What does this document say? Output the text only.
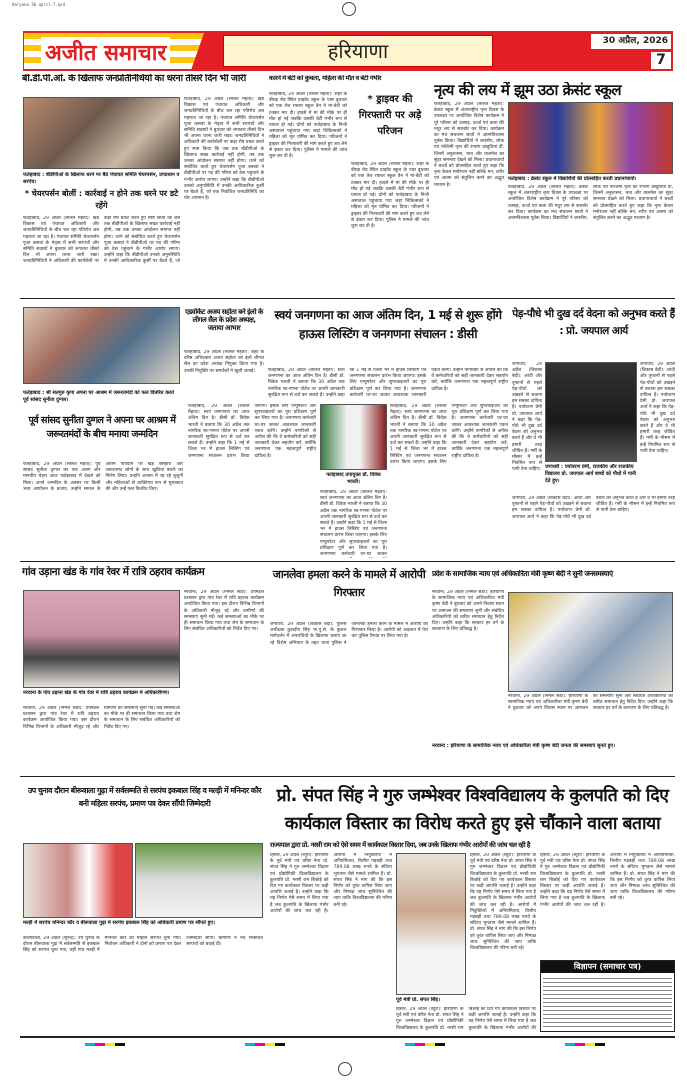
Haryana 30 april-7.qxd
अजीत समाचार	हरियाणा	30 अप्रैल, 2026
7
बी.डी.पी.ओ. के खिलाफ जनप्रतिनिधियों का धरना तीसरे दिन भी जारी
फतेहाबाद : बीडीपीओ के खिलाफ धरने पर बैठे पंचायत समिति चेयरपर्सन, उपप्रधान व सरपंच।
फतेहाबाद, 29 अप्रैल (ललित मैहता): खंड विकास एवं पंचायत अधिकारी और जनप्रतिनिधियों के बीच चल रहा गतिरोध अब गहराता जा रहा है। पंचायत समिति चेयरपर्सन पूजा कसवां के नेतृत्व में सभी सरपंचों और समिति सदस्यों ने बुधवार को लगातार तीसरे दिन भी अपना धरना जारी रखा। जनप्रतिनिधियों ने अधिकारी की कार्यशैली पर कड़ा रोष प्रकट करते हुए स्पष्ट किया कि जब तक बीडीपीओ के खिलाफ सख्त कार्रवाई नहीं होगी, तब तक उनका आंदोलन समाप्त नहीं होगा। धरने को संबोधित करते हुए चेयरपर्सन पूजा कसवां ने बीडीपीओ पर पद की गरिमा को ठेस पहुंचाने के गंभीर आरोप लगाए। उन्होंने कहा कि बीडीपीओ उनको अनुपस्थिति में उनकी आधिकारिक कुर्सी पर बैठते हैं, जो एक निर्वाचित जनप्रतिनिधि का घोर अपमान है।
* चेयरपर्सन बोलीं : कार्रवाई न होने तक धरने पर डटे रहेंगे
फतेहाबाद, 29 अप्रैल (ललित मैहता): खंड विकास एवं पंचायत अधिकारी और जनप्रतिनिधियों के बीच चल रहा गतिरोध अब गहराता जा रहा है। पंचायत समिति चेयरपर्सन पूजा कसवां के नेतृत्व में सभी सरपंचों और समिति सदस्यों ने बुधवार को लगातार तीसरे दिन भी अपना धरना जारी रखा। जनप्रतिनिधियों ने अधिकारी की कार्यशैली पर कड़ा रोष प्रकट करते हुए स्पष्ट किया कि जब तक बीडीपीओ के खिलाफ सख्त कार्रवाई नहीं होगी, तब तक उनका आंदोलन समाप्त नहीं होगा। धरने को संबोधित करते हुए चेयरपर्सन पूजा कसवां ने बीडीपीओ पर पद की गरिमा को ठेस पहुंचाने के गंभीर आरोप लगाए। उन्होंने कहा कि बीडीपीओ उनको अनुपस्थिति में उनकी आधिकारिक कुर्सी पर बैठते हैं, जो
कारने में बेटी को कुचला, महिला की मौत व बेटी गंभीर
फतेहाबाद, 29 अप्रैल (ललित मैहता): शहर के बीघड़ रोड स्थित प्राइवेट स्कूल के पास बुधवार को एक तेज रफ्तार स्कूल वैन ने मां-बेटी को टक्कर मार दी। हादसे में मां की मौके पर ही मौत हो गई जबकि उसकी बेटी गंभीर रूप से घायल हो गई। दोनों को फतेहाबाद के निजी अस्पताल पहुंचाया गया जहां चिकित्सकों ने महिला को मृत घोषित कर दिया। परिजनों ने ड्राइवर की गिरफ्तारी की मांग करते हुए शव लेने से इंकार कर दिया। पुलिस ने मामले की जांच शुरू कर दी है।
* ड्राइवर की गिरफ्तारी पर अड़े परिजन
फतेहाबाद, 29 अप्रैल (ललित मैहता): शहर के बीघड़ रोड स्थित प्राइवेट स्कूल के पास बुधवार को एक तेज रफ्तार स्कूल वैन ने मां-बेटी को टक्कर मार दी। हादसे में मां की मौके पर ही मौत हो गई जबकि उसकी बेटी गंभीर रूप से घायल हो गई। दोनों को फतेहाबाद के निजी अस्पताल पहुंचाया गया जहां चिकित्सकों ने महिला को मृत घोषित कर दिया। परिजनों ने ड्राइवर की गिरफ्तारी की मांग करते हुए शव लेने से इंकार कर दिया। पुलिस ने मामले की जांच शुरू कर दी है।
नृत्य की लय में झूम उठा क्रेसंट स्कूल
फतेहाबाद : क्रेसंट स्कूल में विद्यार्थियों की प्रोत्साहित करती प्रधानाचार्या।
फतेहाबाद, 29 अप्रैल (ललित मैहता): क्रेसंट स्कूल में अंतरराष्ट्रीय नृत्य दिवस के उपलक्ष्य पर आयोजित विशेष कार्यक्रम ने पूरे परिसर को उत्साह, ऊर्जा एवं कला की मधुर लय से सराबोर कर दिया। कार्यक्रम का मंच संचालन छात्रों ने आत्मविश्वास पूर्वक किया। विद्यार्थियों ने शास्त्रीय, लोक एवं पश्चिमी नृत्य की रंगारंग प्रस्तुतियां दीं, जिनमें अनुशासन, भाव और तालमेल का सुंदर समन्वय देखने को मिला। प्रधानाचार्या ने बच्चों को प्रोत्साहित करते हुए कहा कि नृत्य केवल मनोरंजन नहीं बल्कि मन, शरीर एवं आत्मा को संतुलित करने का अद्भुत माध्यम है।	फतेहाबाद, 29 अप्रैल (ललित मैहता): क्रेसंट स्कूल में अंतरराष्ट्रीय नृत्य दिवस के उपलक्ष्य पर आयोजित विशेष कार्यक्रम ने पूरे परिसर को उत्साह, ऊर्जा एवं कला की मधुर लय से सराबोर कर दिया। कार्यक्रम का मंच संचालन छात्रों ने आत्मविश्वास पूर्वक किया। विद्यार्थियों ने शास्त्रीय, लोक एवं पश्चिमी नृत्य की रंगारंग प्रस्तुतियां दीं, जिनमें अनुशासन, भाव और तालमेल का सुंदर समन्वय देखने को मिला। प्रधानाचार्या ने बच्चों को प्रोत्साहित करते हुए कहा कि नृत्य केवल मनोरंजन नहीं बल्कि मन, शरीर एवं आत्मा को संतुलित करने का अद्भुत माध्यम है।
एडवोकेट अजय सहोता बने इंलो के लीगल सैल के प्रदेश अध्यक्ष, जताया आभार
फतेहाबाद, 29 अप्रैल (ललित मैहता): शहर के वरिष्ठ अधिवक्ता अजय सहोता को इंलो लीगल सैल का प्रदेश अध्यक्ष नियुक्त किया गया है। उनकी नियुक्ति पर समर्थकों ने खुशी जताई।
फतेहाबाद : श्री सतगुरु कृपा अपना घर आश्रम में जरूरतमंदों को फल वितरित करते पूर्व सांसद सुनीता दुग्गल।
पूर्व सांसद सुनीता दुग्गल ने अपना घर आश्रम में जरूरतमंदों के बीच मनाया जन्मदिन
फतेहाबाद, 29 अप्रैल (ललित मैहता): पूर्व सांसद सुनीता दुग्गल का एक अलग और मानवीय चेहरा आज फतेहाबाद में देखने को मिला। अपने जन्मदिन के अवसर पर किसी भव्य आयोजन के बजाय, उन्होंने समाज के अंतिम पायदान पर खड़े बेसहारा और जरूरतमंद लोगों के साथ खुशियां बांटने का निर्णय लिया। उन्होंने आश्रम में रह रहे बुजुर्गों और महिलाओं से व्यक्तिगत रूप से मुलाकात की और उन्हें फल वितरित किए।
स्वयं जनगणना का आज अंतिम दिन, 1 मई से शुरू होंगे हाऊस लिस्टिंग व जनगणना संचालन : डीसी
फतेहाबाद, 29 अप्रैल (ललित मैहता): स्वयं जनगणना का आज अंतिम दिन है। डीसी डॉ. विवेक भारती ने बताया कि 30 अप्रैल तक नागरिक स्व-गणना पोर्टल पर अपनी जानकारी सुरक्षित रूप से दर्ज कर सकते हैं। उन्होंने कहा कि 1 मई से जिला भर में हाउस लिस्टिंग एवं जनगणना संचालन प्रारंभ किया जाएगा। इसके लिए एन्यूमरेटर और सुपरवाइजरों का पूरा प्रशिक्षण पूर्ण कर लिया गया है। जनगणना कर्मचारी घर-घर जाकर आवश्यक जानकारी एकत्र करेंगे। उन्होंने नागरिकों से अपील की कि वे कर्मचारियों को सही जानकारी देकर सहयोग करें, क्योंकि जनगणना एक महत्वपूर्ण राष्ट्रीय दायित्व है।
फतेहाबाद, 29 अप्रैल (ललित मैहता): स्वयं जनगणना का आज अंतिम दिन है। डीसी डॉ. विवेक भारती ने बताया कि 30 अप्रैल तक नागरिक स्व-गणना पोर्टल पर अपनी जानकारी सुरक्षित रूप से दर्ज कर सकते हैं। उन्होंने कहा कि 1 मई से जिला भर में हाउस लिस्टिंग एवं जनगणना संचालन प्रारंभ किया जाएगा। इसके लिए एन्यूमरेटर और सुपरवाइजरों का पूरा प्रशिक्षण पूर्ण कर लिया गया है। जनगणना कर्मचारी घर-घर जाकर आवश्यक जानकारी एकत्र करेंगे। उन्होंने नागरिकों से अपील की कि वे कर्मचारियों को सही जानकारी देकर सहयोग करें, क्योंकि जनगणना एक महत्वपूर्ण राष्ट्रीय दायित्व है।
फतेहाबाद उपायुक्त डॉ. विवेक भारती।
फतेहाबाद, 29 अप्रैल (ललित मैहता): स्वयं जनगणना का आज अंतिम दिन है। डीसी डॉ. विवेक भारती ने बताया कि 30 अप्रैल तक नागरिक स्व-गणना पोर्टल पर अपनी जानकारी सुरक्षित रूप से दर्ज कर सकते हैं। उन्होंने कहा कि 1 मई से जिला भर में हाउस लिस्टिंग एवं जनगणना संचालन प्रारंभ किया जाएगा। इसके लिए एन्यूमरेटर और सुपरवाइजरों का पूरा प्रशिक्षण पूर्ण कर लिया गया है। जनगणना कर्मचारी घर-घर जाकर आवश्यक जानकारी एकत्र करेंगे। उन्होंने नागरिकों से अपील की कि वे कर्मचारियों को सही जानकारी देकर सहयोग करें, क्योंकि जनगणना एक महत्वपूर्ण राष्ट्रीय दायित्व है।
फतेहाबाद, 29 अप्रैल (ललित मैहता): स्वयं जनगणना का आज अंतिम दिन है। डीसी डॉ. विवेक भारती ने बताया कि 30 अप्रैल तक नागरिक स्व-गणना पोर्टल पर अपनी जानकारी सुरक्षित रूप से दर्ज कर सकते हैं। उन्होंने कहा कि 1 मई से जिला भर में हाउस लिस्टिंग एवं जनगणना संचालन प्रारंभ किया जाएगा। इसके लिए एन्यूमरेटर और सुपरवाइजरों का पूरा प्रशिक्षण पूर्ण कर लिया गया है। जनगणना कर्मचारी घर-घर जाकर
पेड़-पौधे भी दुख दर्द वेदना को अनुभव करते हैं : प्रो. जयपाल आर्य
जगाधरी : पर्यावरण प्रेमी, राजकीय और राजकीय विद्यालय प्रो. जयपाल आर्य बच्चों को पौधों में पानी देते हुए।
जगाधरी, 29 अप्रैल (विकास बेदी): आंधी और तूफानों से पहले पेड़-पौधों को उखड़ने से बचाना हम सबका दायित्व है। पर्यावरण प्रेमी प्रो. जयपाल आर्य ने कहा कि पेड़-पौधे भी दुख दर्द वेदना को अनुभव करते हैं और वे भी हमारी तरह जीवित हैं। गर्मी के मौसम में इन्हें नियमित रूप से पानी देना चाहिए।
जगाधरी, 29 अप्रैल (विकास बेदी): आंधी और तूफानों से पहले पेड़-पौधों को उखड़ने से बचाना हम सबका दायित्व है। पर्यावरण प्रेमी प्रो. जयपाल आर्य ने कहा कि पेड़-पौधे भी दुख दर्द वेदना को अनुभव करते हैं और वे भी हमारी तरह जीवित हैं। गर्मी के मौसम में इन्हें नियमित रूप से पानी देना चाहिए।
जगाधरी, 29 अप्रैल (विकास बेदी): आंधी और तूफानों से पहले पेड़-पौधों को उखड़ने से बचाना हम सबका दायित्व है। पर्यावरण प्रेमी प्रो. जयपाल आर्य ने कहा कि पेड़-पौधे भी दुख दर्द वेदना को अनुभव करते हैं और वे भी हमारी तरह जीवित हैं। गर्मी के मौसम में इन्हें नियमित रूप से पानी देना चाहिए।
गांव उड़ाना खंड के गांव रेवर में रात्रि ठहराव कार्यक्रम
नरवाना के गांव उड़ाना खंड के गांव रेवर में रात्रि ठहराव कार्यक्रम में अधिकारीगण।
नरवाना, 29 अप्रैल (निर्मल सेठी): उपमंडल प्रशासन द्वारा गांव रेवर में रात्रि ठहराव कार्यक्रम आयोजित किया गया। इस दौरान विभिन्न विभागों के अधिकारी मौजूद रहे और ग्रामीणों की समस्याएं सुनी गईं। कई समस्याओं का मौके पर ही समाधान किया गया तथा शेष के समाधान के लिए संबंधित अधिकारियों को निर्देश दिए गए।
नरवाना, 29 अप्रैल (निर्मल सेठी): उपमंडल प्रशासन द्वारा गांव रेवर में रात्रि ठहराव कार्यक्रम आयोजित किया गया। इस दौरान विभिन्न विभागों के अधिकारी मौजूद रहे और ग्रामीणों की समस्याएं सुनी गईं। कई समस्याओं का मौके पर ही समाधान किया गया तथा शेष के समाधान के लिए संबंधित अधिकारियों को निर्देश दिए गए।
जानलेवा हमला करने के मामले में आरोपी गिरफ्तार
जगाधरी, 29 अप्रैल (विकास बेदी): पुलिस अधीक्षक कुलदीप सिंह भा.पु.से. के कुशल मार्गदर्शन में अपराधियों के खिलाफ चलाए जा रहे विशेष अभियान के तहत थाना पुलिस ने जानलेवा हमला करने के मामले में आरोपी को गिरफ्तार किया है। आरोपी को अदालत में पेश कर पुलिस रिमांड पर लिया गया है।
प्रदेश के सामाजिक न्याय एवं अधिकारिता मंत्री कृष्ण बेदी ने सुनी जनसमस्याएं
नरवाना, 29 अप्रैल (निर्मल सेठी): हरियाणा के सामाजिक न्याय एवं अधिकारिता मंत्री कृष्ण बेदी ने बुधवार को अपने निवास स्थान पर आमजन की समस्याएं सुनीं और संबंधित अधिकारियों को त्वरित समाधान हेतु निर्देश दिए। उन्होंने कहा कि सरकार हर वर्ग के कल्याण के लिए प्रतिबद्ध है।
नरवाना : हरियाणा के सामाजिक न्याय एवं अधिकारिता मंत्री कृष्ण बेदी जनता की समस्याएं सुनते हुए।
नरवाना, 29 अप्रैल (निर्मल सेठी): हरियाणा के सामाजिक न्याय एवं अधिकारिता मंत्री कृष्ण बेदी ने बुधवार को अपने निवास स्थान पर आमजन की समस्याएं सुनीं और संबंधित अधिकारियों को त्वरित समाधान हेतु निर्देश दिए। उन्होंने कहा कि सरकार हर वर्ग के कल्याण के लिए प्रतिबद्ध है।
उप चुनाव दौरान बीरूवाला गुढ़ा में सर्वसम्मति से सरपंच इकबाल सिंह व मल्ड़ी में मनिन्दर कौर बनी महिला सरपंच, प्रमाण पत्र देकर सौंपी जिम्मेदारी
मल्ड़ी में सरपंच मनिन्दर कौर व बीरूवाला गुढ़ा में सरपंच इकबाल सिंह को अधिकारी प्रमाण पत्र सौंपते हुए।
कालांवाली, 29 अप्रैल (सुरेन्द्र): उप चुनाव के दौरान बीरूवाला गुढ़ा में सर्वसम्मति से इकबाल सिंह को सरपंच चुना गया, वहीं गांव मल्ड़ी में मनिन्दर कौर को महिला सरपंच चुना गया। निर्वाचन अधिकारी ने दोनों को प्रमाण पत्र देकर जिम्मेदारी सौंपी। ग्रामीणों ने नव निर्वाचित सरपंचों को बधाई दी।
प्रो. संपत सिंह ने गुरु जम्भेश्वर विश्वविद्यालय के कुलपति को दिए कार्यकाल विस्तार का विरोध करते हुए इसे चौंकाने वाला बताया
राज्यपाल द्वारा प्रो. नरसी राम को ऐसे समय में कार्यकाल विस्तार दिया, जब उनके खिलाफ गंभीर आरोपों की जांच चल रही है
हिसार, 29 अप्रैल (ब्यूरो): हरियाणा के पूर्व मंत्री एवं वरिष्ठ नेता प्रो. संपत सिंह ने गुरु जम्भेश्वर विज्ञान एवं प्रौद्योगिकी विश्वविद्यालय के कुलपति प्रो. नरसी राम बिश्नोई को दिए गए कार्यकाल विस्तार पर कड़ी आपत्ति जताई है। उन्होंने कहा कि यह निर्णय ऐसे समय में लिया गया है जब कुलपति के खिलाफ गंभीर आरोपों की जांच चल रही है। आरोपों में नियुक्तियों में अनियमितता, वित्तीय गड़बड़ी तथा 789.08 लाख रुपये के संदिग्ध भुगतान जैसे मामले शामिल हैं। प्रो. संपत सिंह ने मांग की कि इस निर्णय को तुरंत वापिस लिया जाए और निष्पक्ष जांच सुनिश्चित की जाए ताकि विश्वविद्यालय की गरिमा बनी रहे।
हिसार, 29 अप्रैल (ब्यूरो): हरियाणा के पूर्व मंत्री एवं वरिष्ठ नेता प्रो. संपत सिंह ने गुरु जम्भेश्वर विज्ञान एवं प्रौद्योगिकी विश्वविद्यालय के कुलपति प्रो. नरसी राम बिश्नोई को दिए गए कार्यकाल विस्तार पर कड़ी आपत्ति जताई है। उन्होंने कहा कि यह निर्णय ऐसे समय में लिया गया है जब कुलपति के खिलाफ गंभीर आरोपों की जांच चल रही है। आरोपों में नियुक्तियों में अनियमितता, वित्तीय गड़बड़ी तथा 789.08 लाख रुपये के संदिग्ध भुगतान जैसे मामले शामिल हैं। प्रो. संपत सिंह ने मांग की कि इस निर्णय को तुरंत वापिस लिया जाए और निष्पक्ष जांच सुनिश्चित की जाए ताकि विश्वविद्यालय की गरिमा बनी रहे।
पूर्व मंत्री प्रो. संपत सिंह।
हिसार, 29 अप्रैल (ब्यूरो): हरियाणा के पूर्व मंत्री एवं वरिष्ठ नेता प्रो. संपत सिंह ने गुरु जम्भेश्वर विज्ञान एवं प्रौद्योगिकी विश्वविद्यालय के कुलपति प्रो. नरसी राम बिश्नोई को दिए गए कार्यकाल विस्तार पर कड़ी आपत्ति जताई है। उन्होंने कहा कि यह निर्णय ऐसे समय में लिया गया है जब कुलपति के खिलाफ गंभीर आरोपों की
हिसार, 29 अप्रैल (ब्यूरो): हरियाणा के पूर्व मंत्री एवं वरिष्ठ नेता प्रो. संपत सिंह ने गुरु जम्भेश्वर विज्ञान एवं प्रौद्योगिकी विश्वविद्यालय के कुलपति प्रो. नरसी राम बिश्नोई को दिए गए कार्यकाल विस्तार पर कड़ी आपत्ति जताई है। उन्होंने कहा कि यह निर्णय ऐसे समय में लिया गया है जब कुलपति के खिलाफ गंभीर आरोपों की जांच चल रही है। आरोपों में नियुक्तियों में अनियमितता, वित्तीय गड़बड़ी तथा 789.08 लाख रुपये के संदिग्ध भुगतान जैसे मामले शामिल हैं। प्रो. संपत सिंह ने मांग की कि इस निर्णय को तुरंत वापिस लिया जाए और निष्पक्ष जांच सुनिश्चित की जाए ताकि विश्वविद्यालय की गरिमा बनी रहे।
विज्ञापन (समाचार पत्र)
